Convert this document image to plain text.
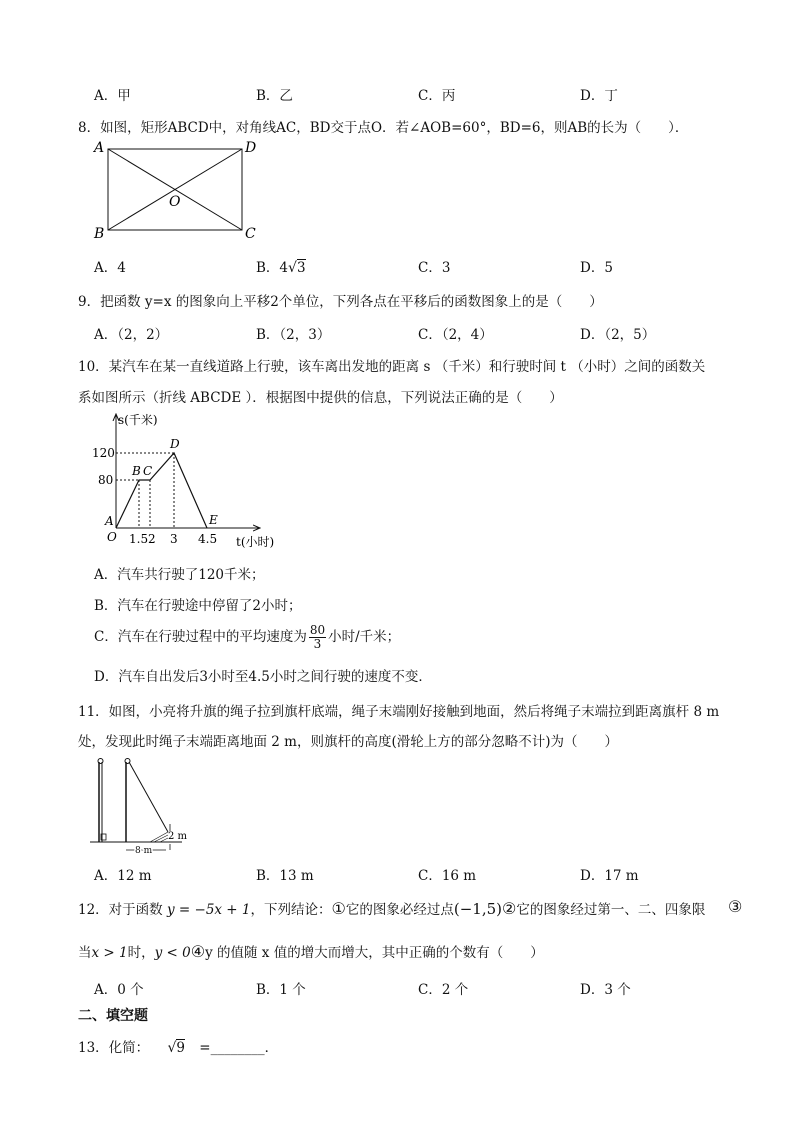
A．甲	B．乙	C．丙	D．丁
8．如图，矩形ABCD中，对角线AC，BD交于点O．若∠AOB=60°，BD=6，则AB的长为（　　）．
A	D
B	C
O
A．4	B．4√3	C．3	D．5
9．把函数 y=x 的图象向上平移2个单位，下列各点在平移后的函数图象上的是（　　）
A．（2，2）	B．（2，3）	C．（2，4）	D．（2，5）
10．某汽车在某一直线道路上行驶，该车离出发地的距离 s （千米）和行驶时间 t （小时）之间的函数关
系如图所示（折线 ABCDE ）．根据图中提供的信息，下列说法正确的是（　　）
s(千米)
120
80
A
O
B C
D
E
1.5 2 3 4.5 t(小时)
A．汽车共行驶了120千米；
B．汽车在行驶途中停留了2小时；
C．汽车在行驶过程中的平均速度为 $\frac{80}{3}$ 小时/千米；
D．汽车自出发后3小时至4.5小时之间行驶的速度不变．
11．如图，小亮将升旗的绳子拉到旗杆底端，绳子末端刚好接触到地面，然后将绳子末端拉到距离旗杆 8 m
处，发现此时绳子末端距离地面 2 m，则旗杆的高度(滑轮上方的部分忽略不计)为（　　）
2 m
8 m
A．12 m	B．13 m	C．16 m	D．17 m
12．对于函数 y = −5x + 1，下列结论：①它的图象必经过点(−1,5)②它的图象经过第一、二、四象限 ③
当x > 1时，y < 0④y 的值随 x 值的增大而增大，其中正确的个数有（　　）
A．0 个	B．1 个	C．2 个	D．3 个
二、填空题
13．化简： √9 =________．
